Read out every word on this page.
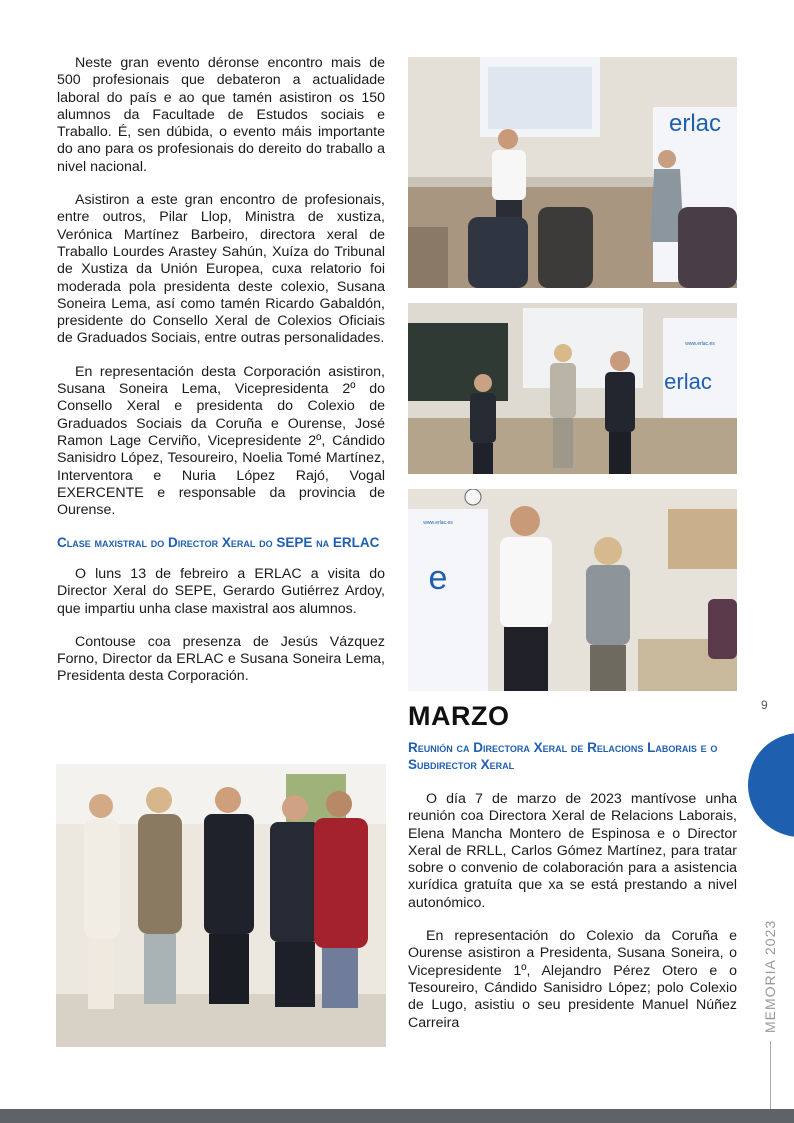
Neste gran evento déronse encontro mais de 500 profesionais que debateron a actualidade laboral do país e ao que tamén asistiron os 150 alumnos da Facultade de Estudos sociais e Traballo. É, sen dúbida, o evento máis importante do ano para os profesionais do dereito do traballo a nivel nacional.

Asistiron a este gran encontro de profesionais, entre outros, Pilar Llop, Ministra de xustiza, Verónica Martínez Barbeiro, directora xeral de Traballo Lourdes Arastey Sahún, Xuíza do Tribunal de Xustiza da Unión Europea, cuxa relatorio foi moderada pola presidenta deste colexio, Susana Soneira Lema, así como tamén Ricardo Gabaldón, presidente do Consello Xeral de Colexios Oficiais de Graduados Sociais, entre outras personalidades.

En representación desta Corporación asistiron, Susana Soneira Lema, Vicepresidenta 2º do Consello Xeral e presidenta do Colexio de Graduados Sociais da Coruña e Ourense, José Ramon Lage Cerviño, Vicepresidente 2º, Cándido Sanisidro López, Tesoureiro, Noelia Tomé Martínez, Interventora e Nuria López Rajó, Vogal EXERCENTE e responsable da provincia de Ourense.

Clase maxistral do Director Xeral do SEPE na ERLAC

O luns 13 de febreiro a ERLAC a visita do Director Xeral do SEPE, Gerardo Gutiérrez Ardoy, que impartiu unha clase maxistral aos alumnos.

Contouse coa presenza de Jesús Vázquez Forno, Director da ERLAC e Susana Soneira Lema, Presidenta desta Corporación.

erlac
www.erlac.es
erlac
www.erlac.es
e
MARZO
Reunión ca Directora Xeral de Relacions Laborais e o Subdirector Xeral

O día 7 de marzo de 2023 mantívose unha reunión coa Directora Xeral de Relacions Laborais, Elena Mancha Montero de Espinosa e o Director Xeral de RRLL, Carlos Gómez Martínez, para tratar sobre o convenio de colaboración para a asistencia xurídica gratuíta que xa se está prestando a nivel autonómico.

En representación do Colexio da Coruña e Ourense asistiron a Presidenta, Susana Soneira, o Vicepresidente 1º, Alejandro Pérez Otero e o Tesoureiro, Cándido Sanisidro López; polo Colexio de Lugo, asistiu o seu presidente Manuel Núñez Carreira

9
MEMORIA 2023
